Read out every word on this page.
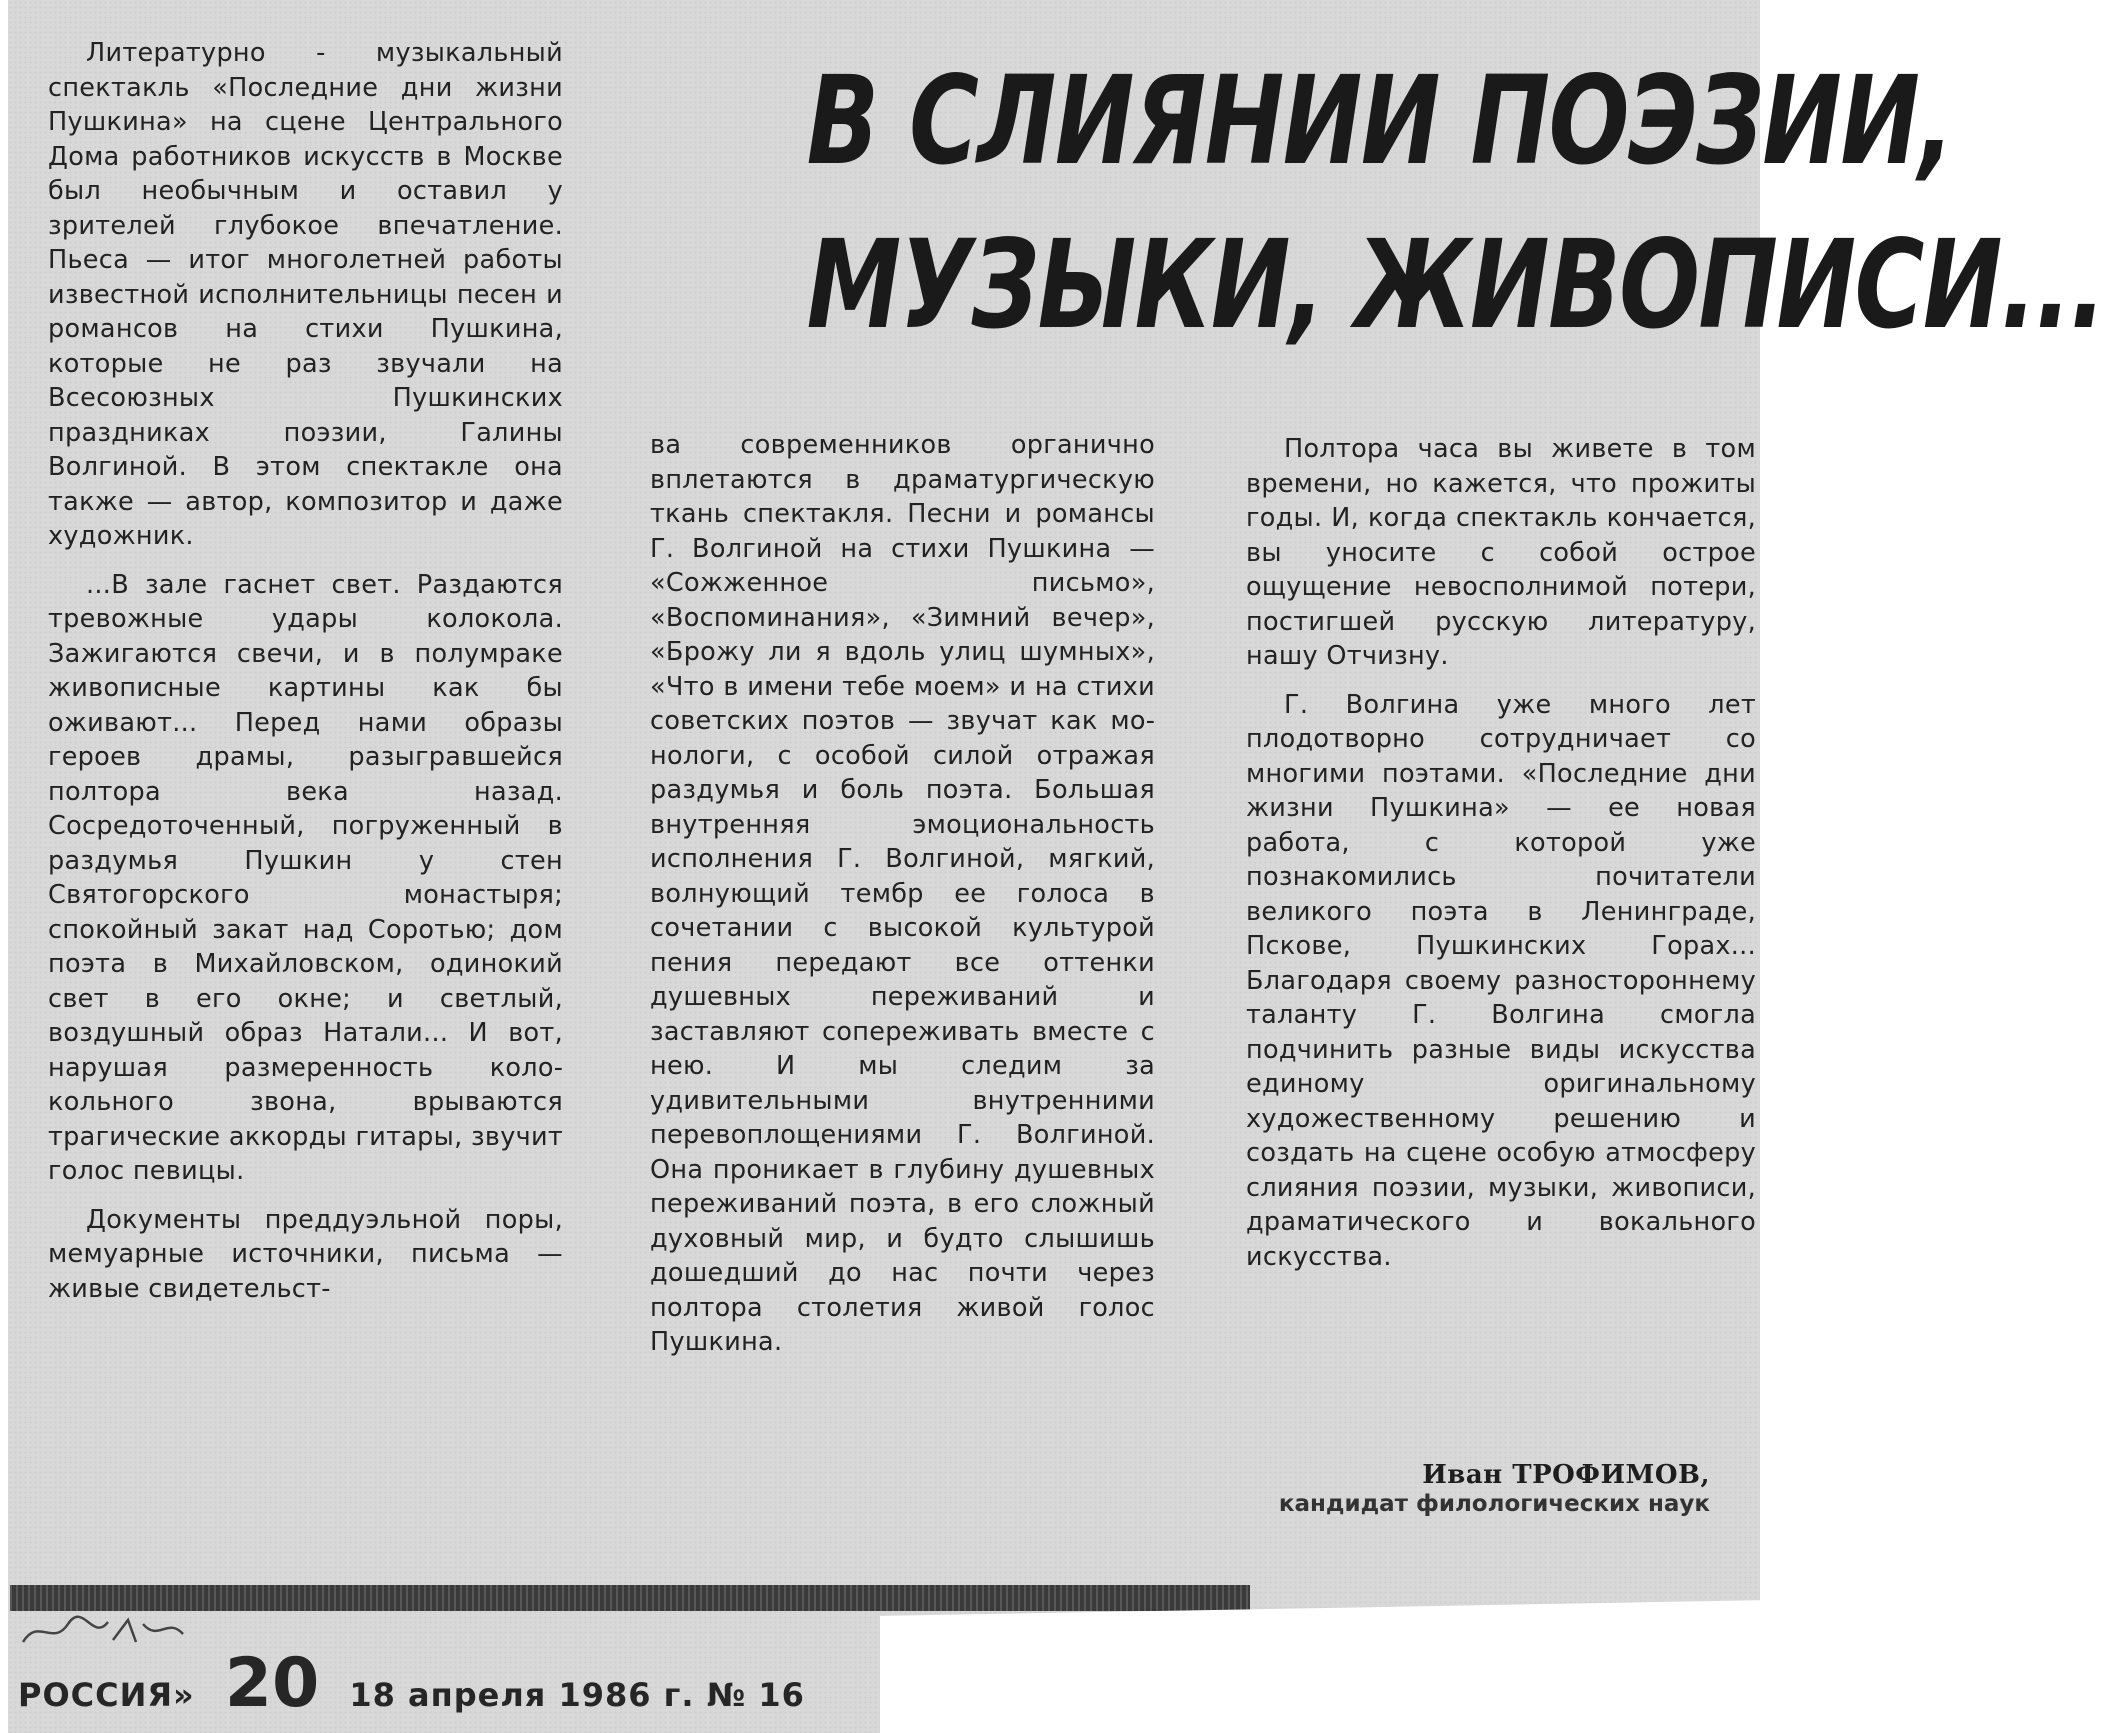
В СЛИЯНИИ ПОЭЗИИ,
МУЗЫКИ, ЖИВОПИСИ...

Литературно - музыкальный спектакль «Последние дни жизни Пушкина» на сцене Центрального Дома работников искусств в Москве был необычным и оставил у зрителей глубокое впечатление. Пьеса — итог многолетней работы известной исполнительницы песен и романсов на стихи Пушкина, которые не раз звучали на Всесоюзных Пушкинских праздниках поэзии, Галины Волгиной. В этом спектакле она также — автор, композитор и даже художник.

...В зале гаснет свет. Раздаются тревожные удары колокола. Зажигаются свечи, и в полумраке живописные картины как бы оживают... Перед нами образы героев драмы, разыгравшейся полтора века назад. Сосредоточенный, погруженный в раздумья Пушкин у стен Святогорского монастыря; спокойный закат над Соротью; дом поэта в Михайловском, одинокий свет в его окне; и светлый, воздушный образ Натали... И вот, нарушая размеренность колокольного звона, врываются трагические аккорды гитары, звучит голос певицы.

Документы преддуэльной поры, мемуарные источники, письма — живые свидетельст-

ва современников органично вплетаются в драматургическую ткань спектакля. Песни и романсы Г. Волгиной на стихи Пушкина — «Сожженное письмо», «Воспоминания», «Зимний вечер», «Брожу ли я вдоль улиц шумных», «Что в имени тебе моем» и на стихи советских поэтов — звучат как монологи, с особой силой отражая раздумья и боль поэта. Большая внутренняя эмоциональность исполнения Г. Волгиной, мягкий, волнующий тембр ее голоса в сочетании с высокой культурой пения передают все оттенки душевных переживаний и заставляют сопереживать вместе с нею. И мы следим за удивительными внутренними перевоплощениями Г. Волгиной. Она проникает в глубину душевных переживаний поэта, в его сложный духовный мир, и будто слышишь дошедший до нас почти через полтора столетия живой голос Пушкина.

Полтора часа вы живете в том времени, но кажется, что прожиты годы. И, когда спектакль кончается, вы уносите с собой острое ощущение невосполнимой потери, постигшей русскую литературу, нашу Отчизну.

Г. Волгина уже много лет плодотворно сотрудничает со многими поэтами. «Последние дни жизни Пушкина» — ее новая работа, с которой уже познакомились почитатели великого поэта в Ленинграде, Пскове, Пушкинских Горах... Благодаря своему разностороннему таланту Г. Волгина смогла подчинить разные виды искусства единому оригинальному художественному решению и создать на сцене особую атмосферу слияния поэзии, музыки, живописи, драматического и вокального искусства.

Иван ТРОФИМОВ,
кандидат филологических наук
РОССИЯ» 20 18 апреля 1986 г. № 16
